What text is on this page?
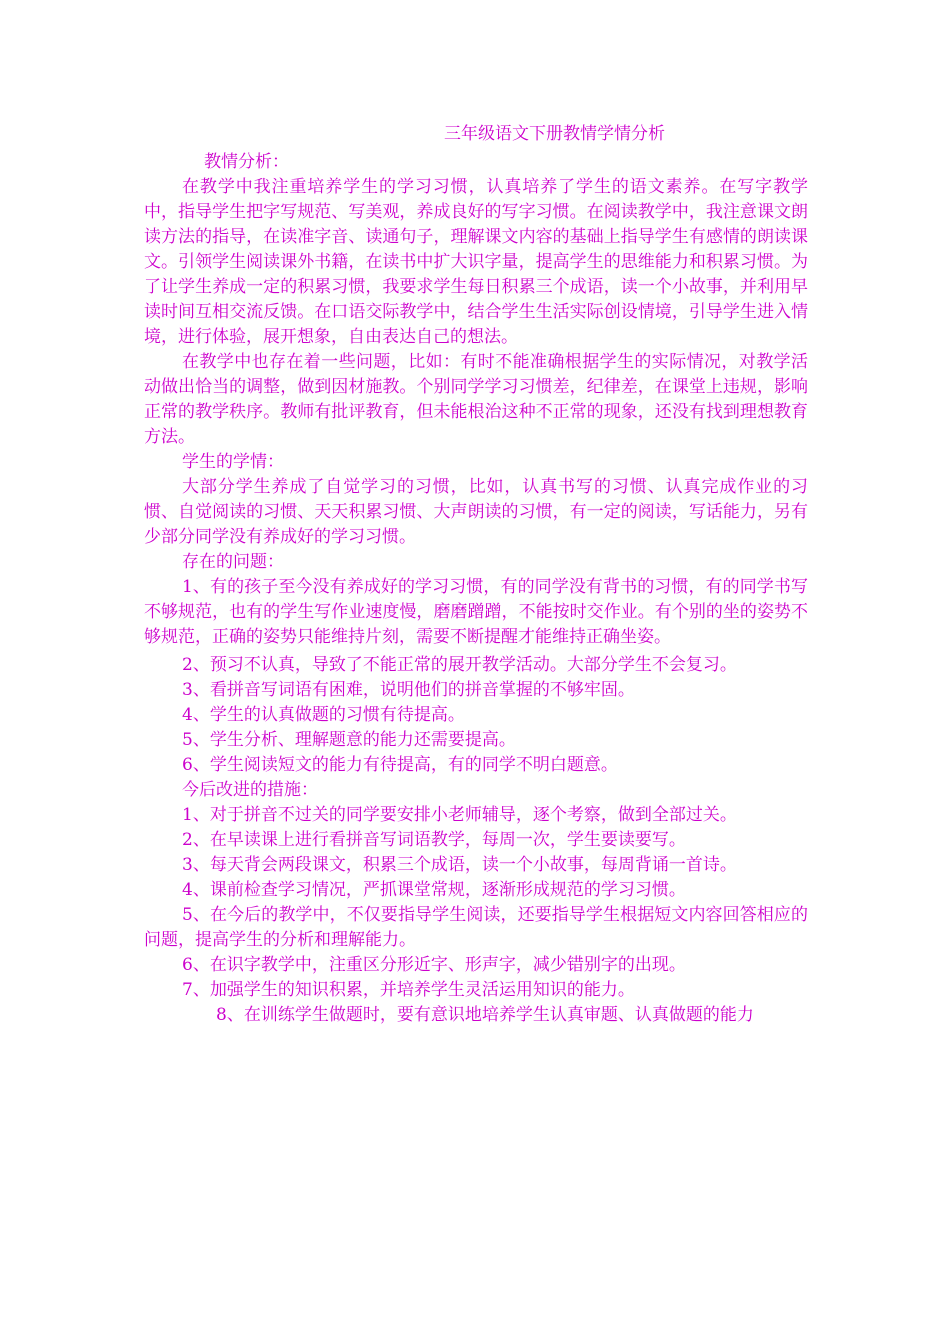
三年级语文下册教情学情分析

教情分析：

在教学中我注重培养学生的学习习惯，认真培养了学生的语文素养。在写字教学中，指导学生把字写规范、写美观，养成良好的写字习惯。在阅读教学中，我注意课文朗读方法的指导，在读准字音、读通句子，理解课文内容的基础上指导学生有感情的朗读课文。引领学生阅读课外书籍，在读书中扩大识字量，提高学生的思维能力和积累习惯。为了让学生养成一定的积累习惯，我要求学生每日积累三个成语，读一个小故事，并利用早读时间互相交流反馈。在口语交际教学中，结合学生生活实际创设情境，引导学生进入情境，进行体验，展开想象，自由表达自己的想法。

在教学中也存在着一些问题，比如：有时不能准确根据学生的实际情况，对教学活动做出恰当的调整，做到因材施教。个别同学学习习惯差，纪律差，在课堂上违规，影响正常的教学秩序。教师有批评教育，但未能根治这种不正常的现象，还没有找到理想教育方法。

学生的学情：

大部分学生养成了自觉学习的习惯，比如，认真书写的习惯、认真完成作业的习惯、自觉阅读的习惯、天天积累习惯、大声朗读的习惯，有一定的阅读，写话能力，另有少部分同学没有养成好的学习习惯。

存在的问题：

1、有的孩子至今没有养成好的学习习惯，有的同学没有背书的习惯，有的同学书写不够规范，也有的学生写作业速度慢，磨磨蹭蹭，不能按时交作业。有个别的坐的姿势不够规范，正确的姿势只能维持片刻，需要不断提醒才能维持正确坐姿。

2、预习不认真，导致了不能正常的展开教学活动。大部分学生不会复习。

3、看拼音写词语有困难，说明他们的拼音掌握的不够牢固。

4、学生的认真做题的习惯有待提高。

5、学生分析、理解题意的能力还需要提高。

6、学生阅读短文的能力有待提高，有的同学不明白题意。

今后改进的措施：

1、对于拼音不过关的同学要安排小老师辅导，逐个考察，做到全部过关。

2、在早读课上进行看拼音写词语教学，每周一次，学生要读要写。

3、每天背会两段课文，积累三个成语，读一个小故事，每周背诵一首诗。

4、课前检查学习情况，严抓课堂常规，逐渐形成规范的学习习惯。

5、在今后的教学中，不仅要指导学生阅读，还要指导学生根据短文内容回答相应的问题，提高学生的分析和理解能力。

6、在识字教学中，注重区分形近字、形声字，减少错别字的出现。

7、加强学生的知识积累，并培养学生灵活运用知识的能力。

8、在训练学生做题时，要有意识地培养学生认真审题、认真做题的能力
